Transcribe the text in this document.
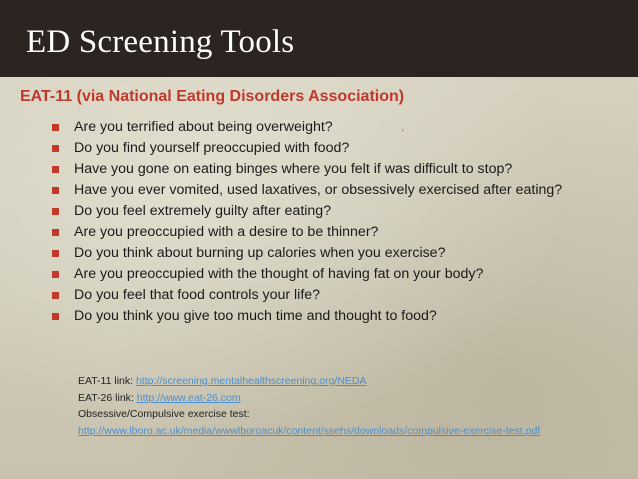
ED Screening Tools
EAT-11 (via National Eating Disorders Association)
'
Are you terrified about being overweight?
Do you find yourself preoccupied with food?
Have you gone on eating binges where you felt if was difficult to stop?
Have you ever vomited, used laxatives, or obsessively exercised after eating?
Do you feel extremely guilty after eating?
Are you preoccupied with a desire to be thinner?
Do you think about burning up calories when you exercise?
Are you preoccupied with the thought of having fat on your body?
Do you feel that food controls your life?
Do you think you give too much time and thought to food?
EAT-11 link: http://screening.mentalhealthscreening.org/NEDA
EAT-26 link: http://www.eat-26.com
Obsessive/Compulsive exercise test:
http://www.lboro.ac.uk/media/wwwlboroacuk/content/ssehs/downloads/compulsive-exercise-test.pdf
